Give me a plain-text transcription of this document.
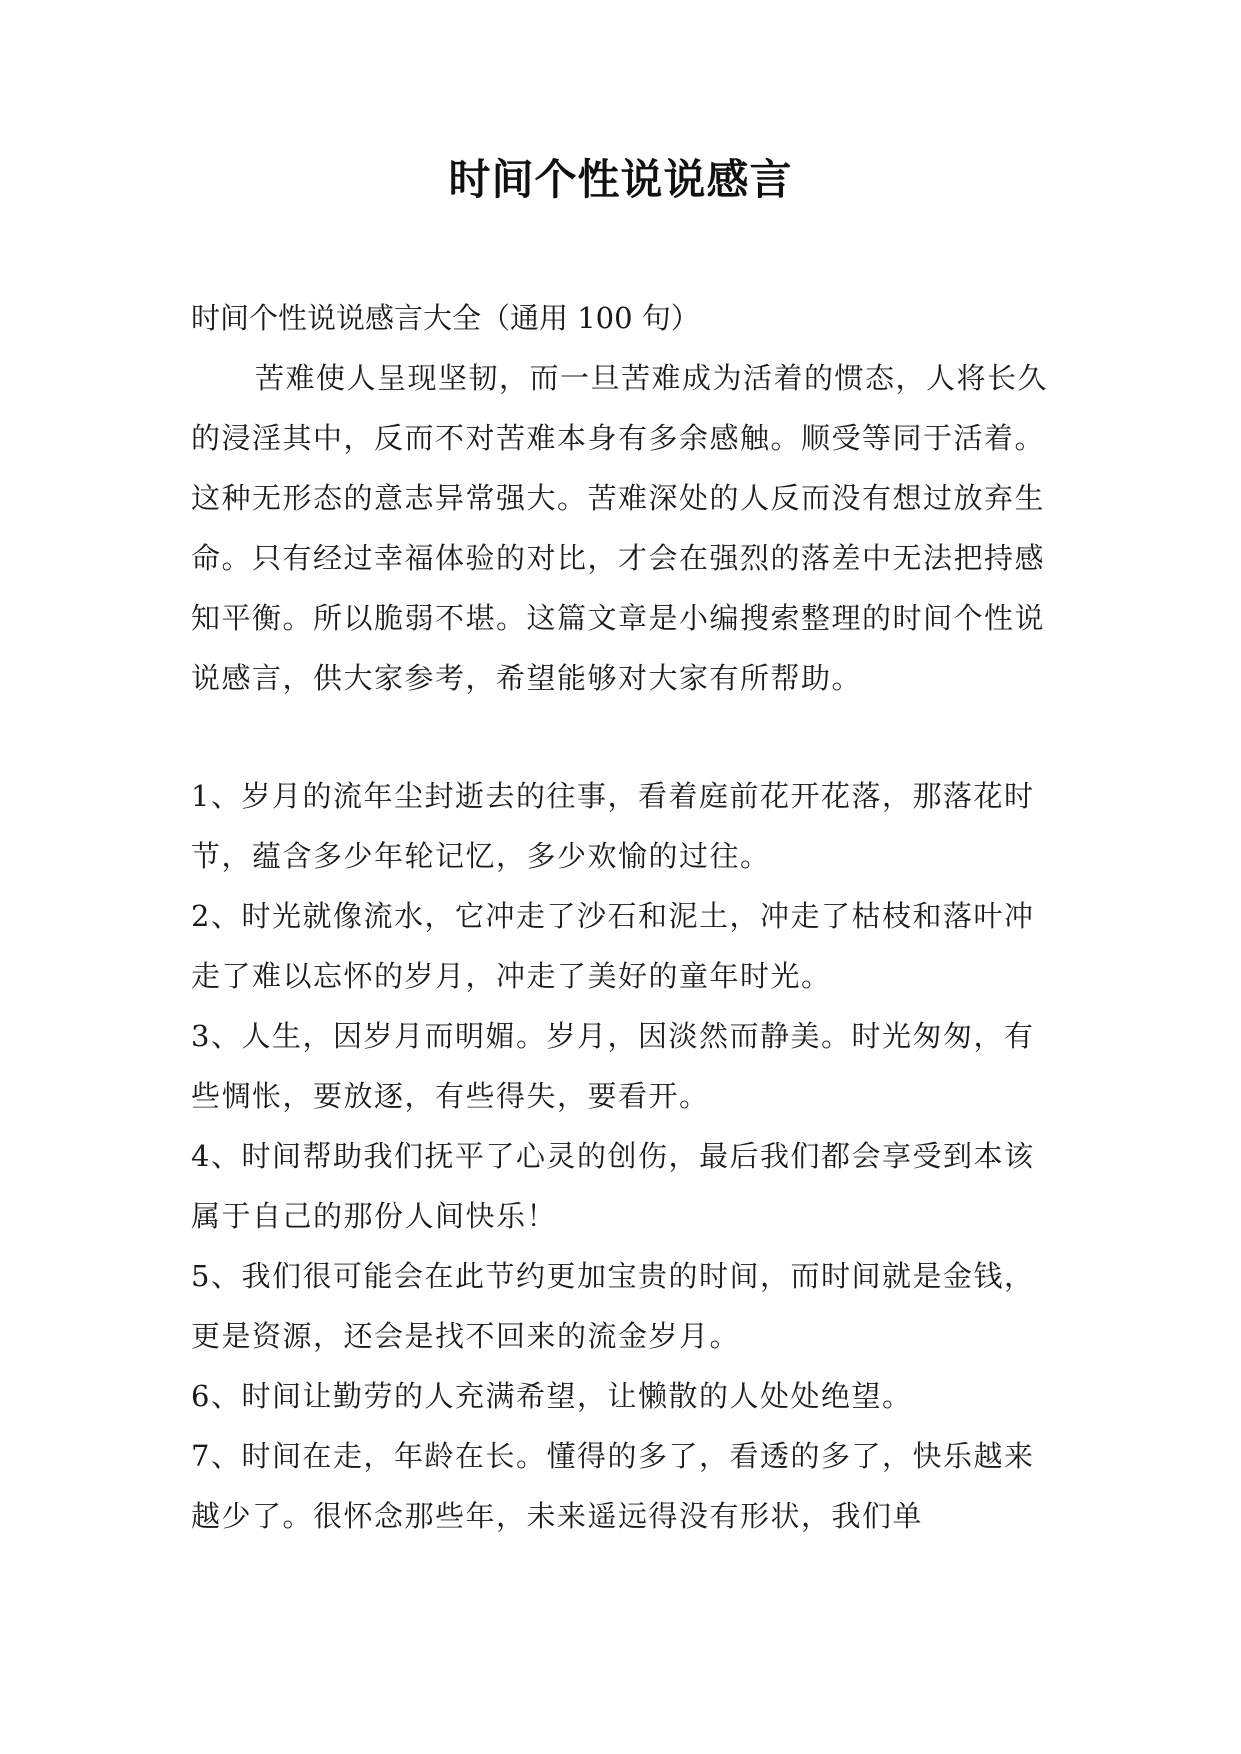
时间个性说说感言

时间个性说说感言大全（通用 100 句）

苦难使人呈现坚韧，而一旦苦难成为活着的惯态，人将长久的浸淫其中，反而不对苦难本身有多余感触。顺受等同于活着。这种无形态的意志异常强大。苦难深处的人反而没有想过放弃生命。只有经过幸福体验的对比，才会在强烈的落差中无法把持感知平衡。所以脆弱不堪。这篇文章是小编搜索整理的时间个性说说感言，供大家参考，希望能够对大家有所帮助。

1、岁月的流年尘封逝去的往事，看着庭前花开花落，那落花时节，蕴含多少年轮记忆，多少欢愉的过往。

2、时光就像流水，它冲走了沙石和泥土，冲走了枯枝和落叶冲走了难以忘怀的岁月，冲走了美好的童年时光。

3、人生，因岁月而明媚。岁月，因淡然而静美。时光匆匆，有些惆怅，要放逐，有些得失，要看开。

4、时间帮助我们抚平了心灵的创伤，最后我们都会享受到本该属于自己的那份人间快乐！

5、我们很可能会在此节约更加宝贵的时间，而时间就是金钱，更是资源，还会是找不回来的流金岁月。

6、时间让勤劳的人充满希望，让懒散的人处处绝望。

7、时间在走，年龄在长。懂得的多了，看透的多了，快乐越来越少了。很怀念那些年，未来遥远得没有形状，我们单
